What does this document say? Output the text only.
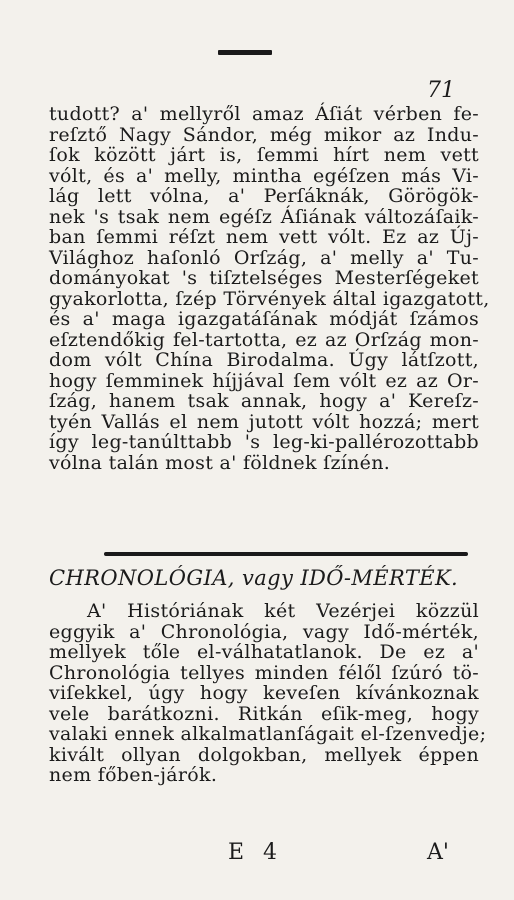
71
tudott? a' mellyről amaz Áſiát vérben fe-
reſztő Nagy Sándor, még mikor az Indu-
ſok között járt is, ſemmi hírt nem vett
vólt, és a' melly, mintha egéſzen más Vi-
lág lett vólna, a' Perſáknák, Görögök-
nek 's tsak nem egéſz Áſiának változáſaik-
ban ſemmi réſzt nem vett vólt. Ez az Új-
Világhoz haſonló Orſzág, a' melly a' Tu-
dományokat 's tiſztelséges Mesterſégeket
gyakorlotta, ſzép Törvények által igazgatott,
és a' maga igazgatáſának módját ſzámos
eſztendőkig fel-tartotta, ez az Orſzág mon-
dom vólt Chína Birodalma. Úgy látſzott,
hogy ſemminek híjjával ſem vólt ez az Or-
ſzág, hanem tsak annak, hogy a' Kereſz-
tyén Vallás el nem jutott vólt hozzá; mert
így leg-tanúlttabb 's leg-ki-pallérozottabb
vólna talán most a' földnek ſzínén.
CHRONOLÓGIA, vagy IDŐ-MÉRTÉK.
A' Históriának két Vezérjei közzül
eggyik a' Chronológia, vagy Idő-mérték,
mellyek tőle el-válhatatlanok. De ez a'
Chronológia tellyes minden félől ſzúró tö-
viſekkel, úgy hogy keveſen kívánkoznak
vele barátkozni. Ritkán eſik-meg, hogy
valaki ennek alkalmatlanſágait el-ſzenvedje;
kivált ollyan dolgokban, mellyek éppen
nem főben-járók.
E 4	A'
